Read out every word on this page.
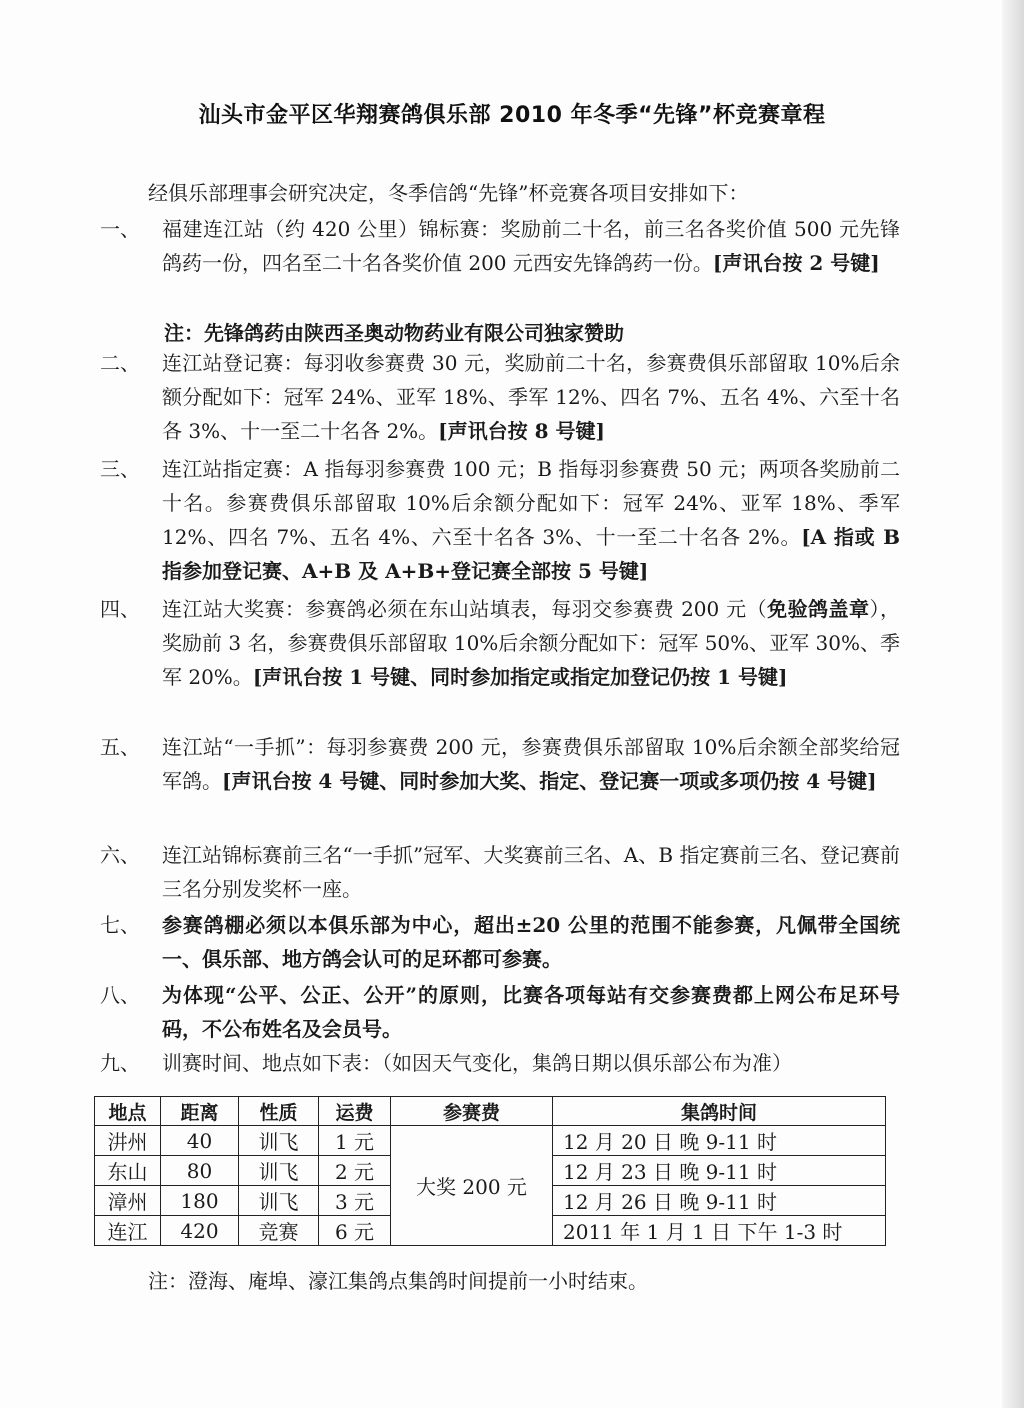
汕头市金平区华翔赛鸽俱乐部 2010 年冬季“先锋”杯竞赛章程
经俱乐部理事会研究决定，冬季信鸽“先锋”杯竞赛各项目安排如下：
一、	福建连江站（约 420 公里）锦标赛：奖励前二十名，前三名各奖价值 500 元先锋鸽药一份，四名至二十名各奖价值 200 元西安先锋鸽药一份。[声讯台按 2 号键]
注：先锋鸽药由陕西圣奥动物药业有限公司独家赞助
二、	连江站登记赛：每羽收参赛费 30 元，奖励前二十名，参赛费俱乐部留取 10%后余额分配如下：冠军 24%、亚军 18%、季军 12%、四名 7%、五名 4%、六至十名各 3%、十一至二十名各 2%。[声讯台按 8 号键]
三、	连江站指定赛：A 指每羽参赛费 100 元；B 指每羽参赛费 50 元；两项各奖励前二十名。参赛费俱乐部留取 10%后余额分配如下：冠军 24%、亚军 18%、季军 12%、四名 7%、五名 4%、六至十名各 3%、十一至二十名各 2%。[A 指或 B 指参加登记赛、A+B 及 A+B+登记赛全部按 5 号键]
四、	连江站大奖赛：参赛鸽必须在东山站填表，每羽交参赛费 200 元（免验鸽盖章），奖励前 3 名，参赛费俱乐部留取 10%后余额分配如下：冠军 50%、亚军 30%、季军 20%。[声讯台按 1 号键、同时参加指定或指定加登记仍按 1 号键]
五、	连江站“一手抓”：每羽参赛费 200 元，参赛费俱乐部留取 10%后余额全部奖给冠军鸽。[声讯台按 4 号键、同时参加大奖、指定、登记赛一项或多项仍按 4 号键]
六、	连江站锦标赛前三名“一手抓”冠军、大奖赛前三名、A、B 指定赛前三名、登记赛前三名分别发奖杯一座。
七、	参赛鸽棚必须以本俱乐部为中心，超出±20 公里的范围不能参赛，凡佩带全国统一、俱乐部、地方鸽会认可的足环都可参赛。
八、	为体现“公平、公正、公开”的原则，比赛各项每站有交参赛费都上网公布足环号码，不公布姓名及会员号。
九、 训赛时间、地点如下表：（如因天气变化，集鸽日期以俱乐部公布为准）
地点	距离	性质	运费	参赛费	集鸽时间
汫州	40	训飞	1 元	大奖 200 元	12 月 20 日 晚 9-11 时
东山	80	训飞	2 元		12 月 23 日 晚 9-11 时
漳州	180	训飞	3 元		12 月 26 日 晚 9-11 时
连江	420	竞赛	6 元		2011 年 1 月 1 日 下午 1-3 时
注：澄海、庵埠、濠江集鸽点集鸽时间提前一小时结束。
